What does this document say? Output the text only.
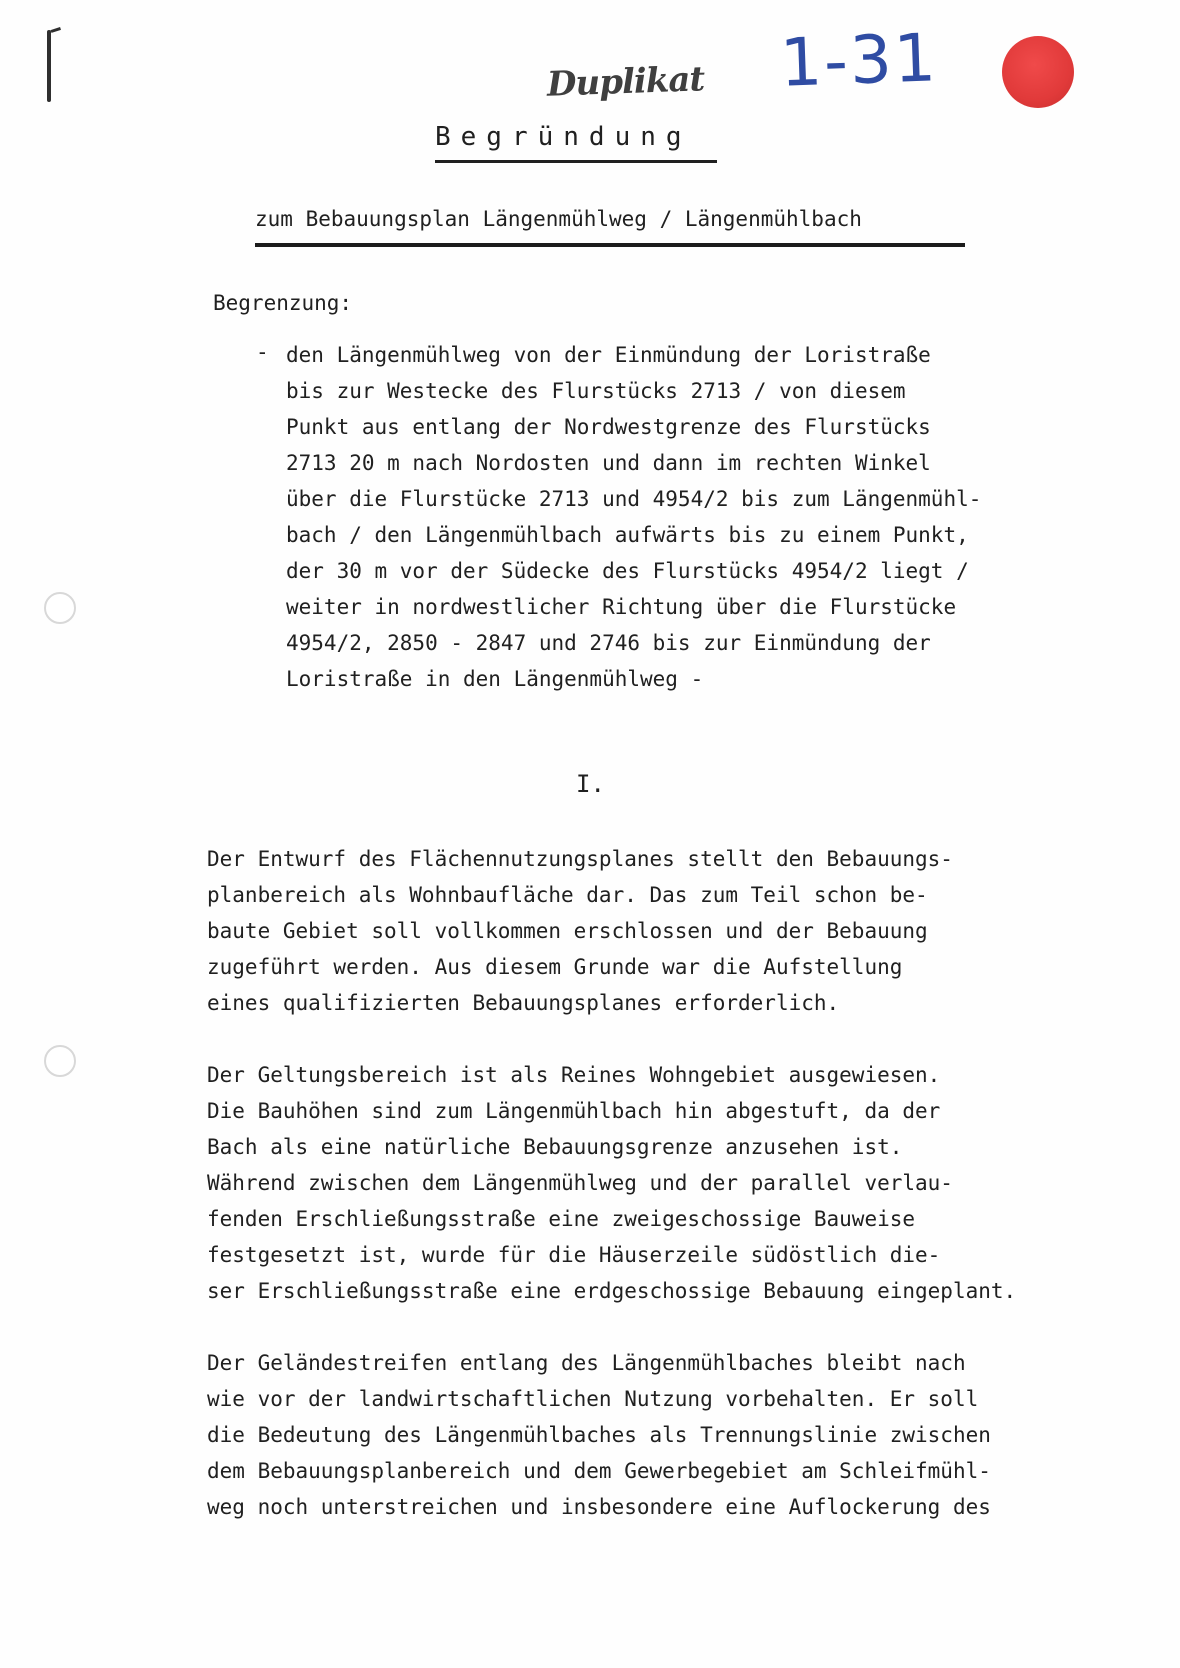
Duplikat 1-31
Begründung
zum Bebauungsplan Längenmühlweg / Längenmühlbach
Begrenzung:
- den Längenmühlweg von der Einmündung der Loristraße
bis zur Westecke des Flurstücks 2713 / von diesem
Punkt aus entlang der Nordwestgrenze des Flurstücks
2713 20 m nach Nordosten und dann im rechten Winkel
über die Flurstücke 2713 und 4954/2 bis zum Längenmühl-
bach / den Längenmühlbach aufwärts bis zu einem Punkt,
der 30 m vor der Südecke des Flurstücks 4954/2 liegt /
weiter in nordwestlicher Richtung über die Flurstücke
4954/2, 2850 - 2847 und 2746 bis zur Einmündung der
Loristraße in den Längenmühlweg -
I.
Der Entwurf des Flächennutzungsplanes stellt den Bebauungs-
planbereich als Wohnbaufläche dar. Das zum Teil schon be-
baute Gebiet soll vollkommen erschlossen und der Bebauung
zugeführt werden. Aus diesem Grunde war die Aufstellung
eines qualifizierten Bebauungsplanes erforderlich.
Der Geltungsbereich ist als Reines Wohngebiet ausgewiesen.
Die Bauhöhen sind zum Längenmühlbach hin abgestuft, da der
Bach als eine natürliche Bebauungsgrenze anzusehen ist.
Während zwischen dem Längenmühlweg und der parallel verlau-
fenden Erschließungsstraße eine zweigeschossige Bauweise
festgesetzt ist, wurde für die Häuserzeile südöstlich die-
ser Erschließungsstraße eine erdgeschossige Bebauung eingeplant.
Der Geländestreifen entlang des Längenmühlbaches bleibt nach
wie vor der landwirtschaftlichen Nutzung vorbehalten. Er soll
die Bedeutung des Längenmühlbaches als Trennungslinie zwischen
dem Bebauungsplanbereich und dem Gewerbegebiet am Schleifmühl-
weg noch unterstreichen und insbesondere eine Auflockerung des
